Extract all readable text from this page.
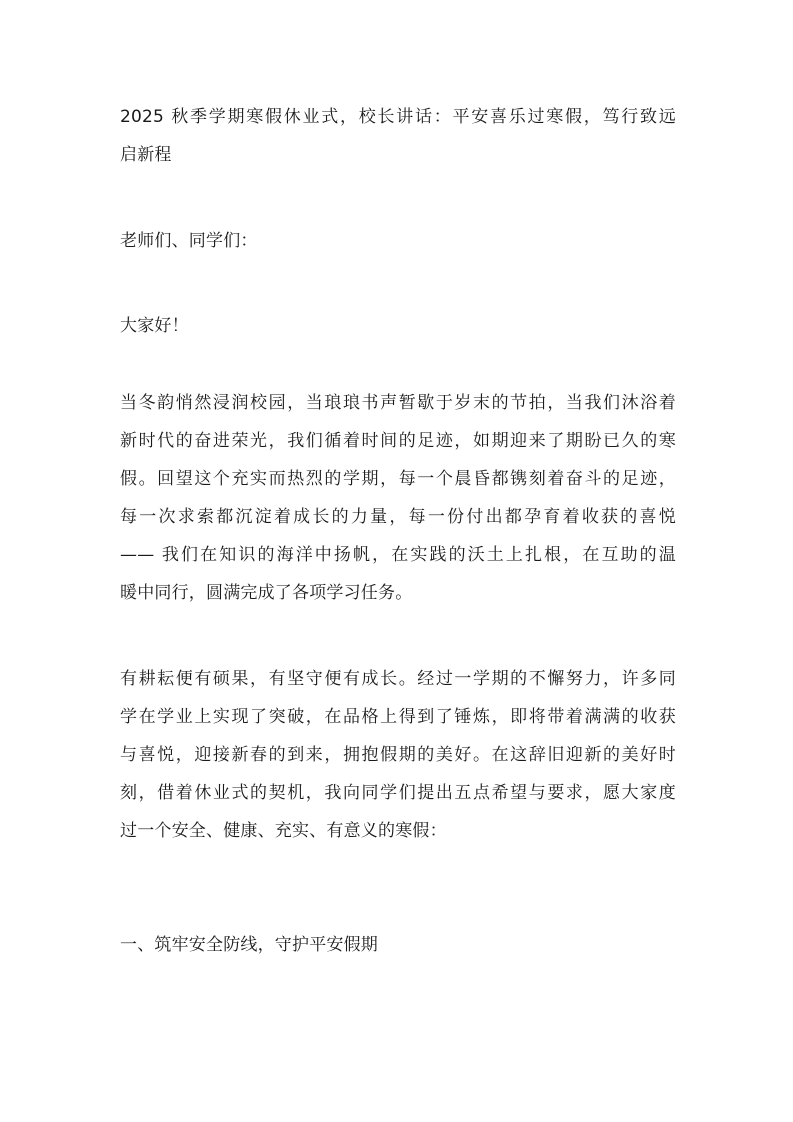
2025 秋季学期寒假休业式，校长讲话：平安喜乐过寒假，笃行致远
启新程
老师们、同学们：
大家好！
当冬韵悄然浸润校园，当琅琅书声暂歇于岁末的节拍，当我们沐浴着
新时代的奋进荣光，我们循着时间的足迹，如期迎来了期盼已久的寒
假。回望这个充实而热烈的学期，每一个晨昏都镌刻着奋斗的足迹，
每一次求索都沉淀着成长的力量，每一份付出都孕育着收获的喜悦
—— 我们在知识的海洋中扬帆，在实践的沃土上扎根，在互助的温
暖中同行，圆满完成了各项学习任务。
有耕耘便有硕果，有坚守便有成长。经过一学期的不懈努力，许多同
学在学业上实现了突破，在品格上得到了锤炼，即将带着满满的收获
与喜悦，迎接新春的到来，拥抱假期的美好。在这辞旧迎新的美好时
刻，借着休业式的契机，我向同学们提出五点希望与要求，愿大家度
过一个安全、健康、充实、有意义的寒假：
一、筑牢安全防线，守护平安假期
